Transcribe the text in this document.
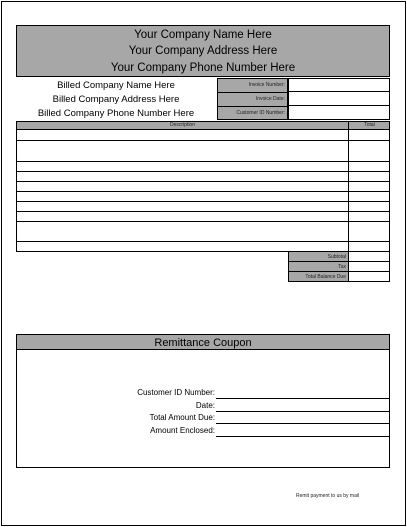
Your Company Name Here
Your Company Address Here
Your Company Phone Number Here
Billed Company Name Here
Billed Company Address Here
Billed Company Phone Number Here
Invoice Number:
Invoice Date:
Customer ID Number:
Description	Total
Subtotal
Tax
Total Balance Due
Remittance Coupon
Customer ID Number:
Date:
Total Amount Due:
Amount Enclosed:
Remit payment to us by mail
